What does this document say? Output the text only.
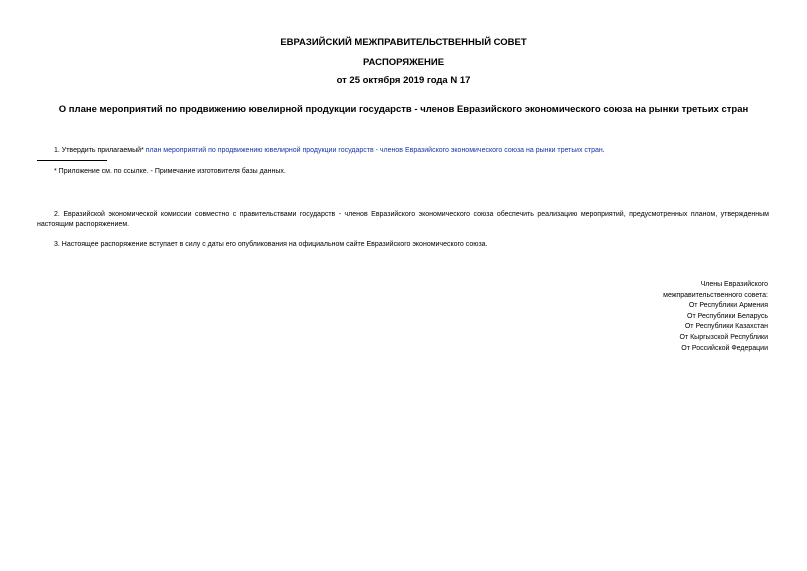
ЕВРАЗИЙСКИЙ МЕЖПРАВИТЕЛЬСТВЕННЫЙ СОВЕТ
РАСПОРЯЖЕНИЕ
от 25 октября 2019 года N 17
О плане мероприятий по продвижению ювелирной продукции государств - членов Евразийского экономического союза на рынки третьих стран
1. Утвердить прилагаемый* план мероприятий по продвижению ювелирной продукции государств - членов Евразийского экономического союза на рынки третьих стран.
* Приложение см. по ссылке. - Примечание изготовителя базы данных.
2. Евразийской экономической комиссии совместно с правительствами государств - членов Евразийского экономического союза обеспечить реализацию мероприятий, предусмотренных планом, утвержденным настоящим распоряжением.
3. Настоящее распоряжение вступает в силу с даты его опубликования на официальном сайте Евразийского экономического союза.
Члены Евразийского
межправительственного совета:
От Республики Армения
От Республики Беларусь
От Республики Казахстан
От Кыргызской Республики
От Российской Федерации
